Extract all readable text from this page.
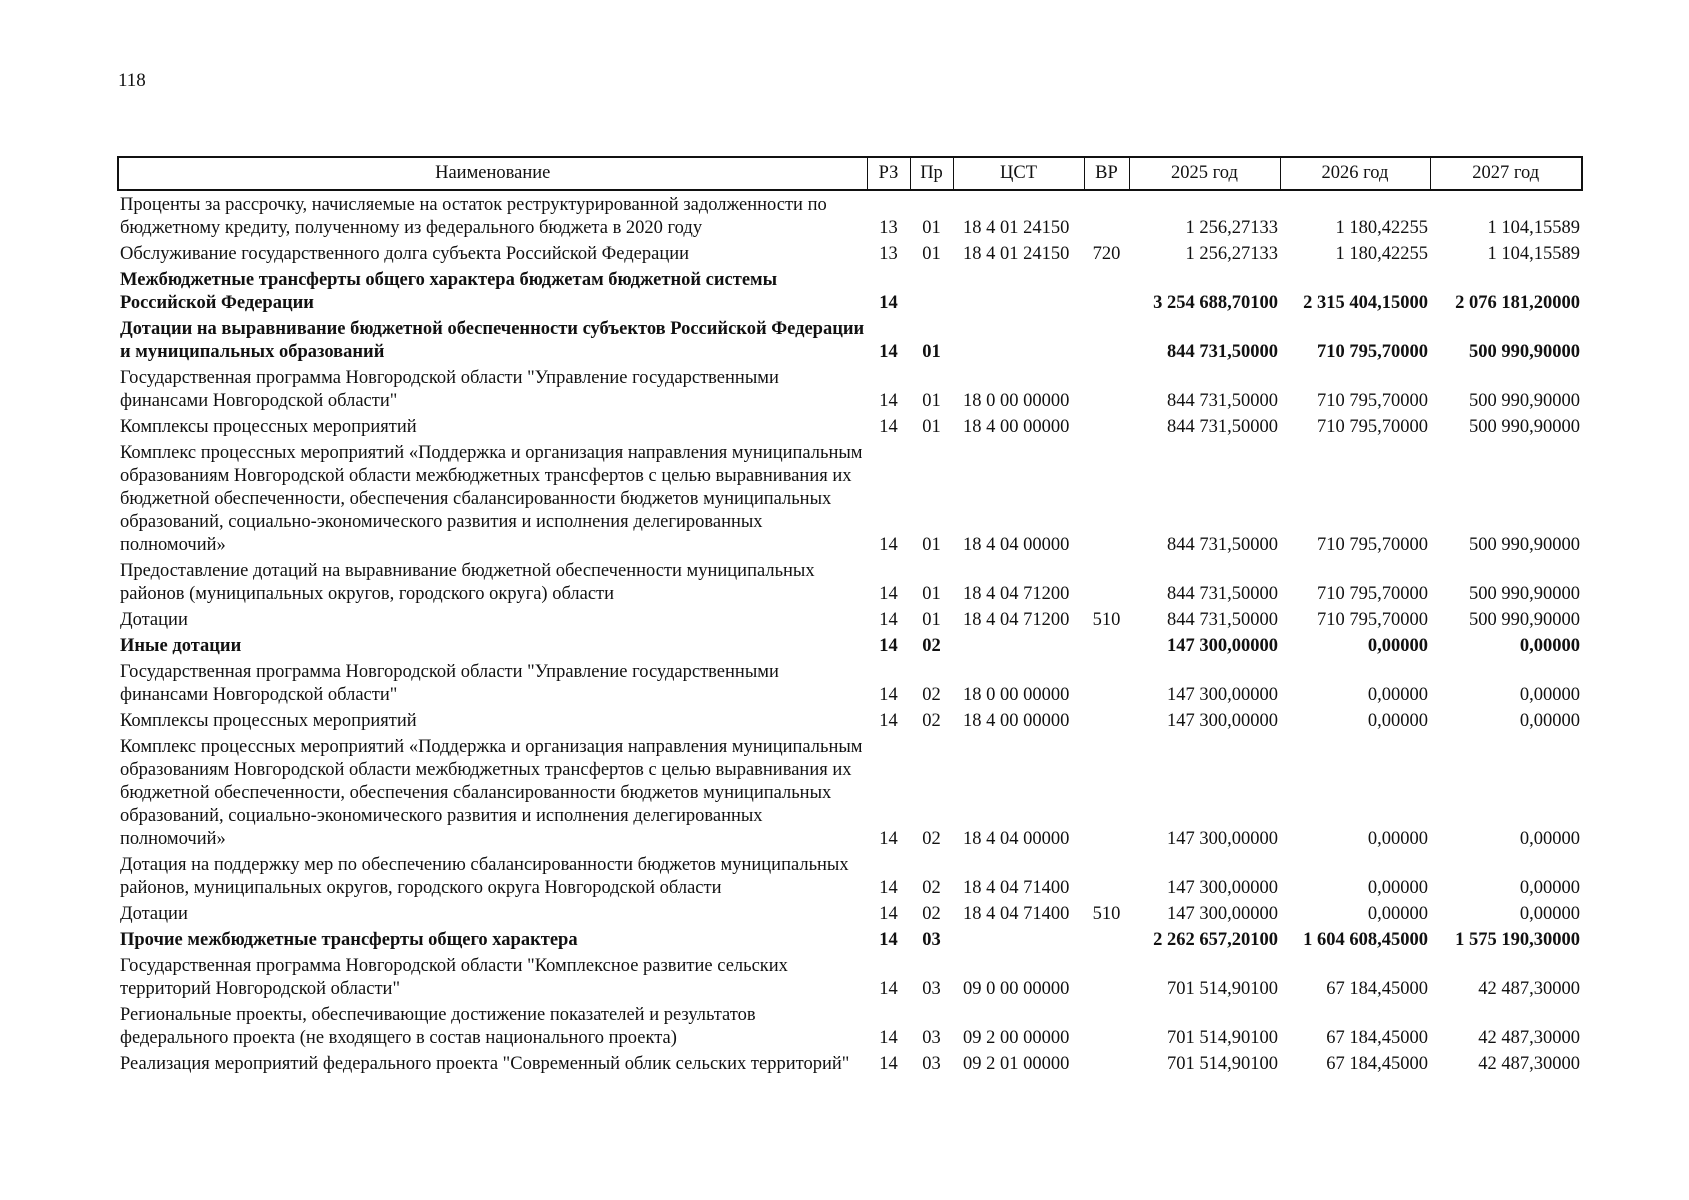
118
Наименование	РЗ	Пр	ЦСТ	ВР	2025 год	2026 год	2027 год
Проценты за рассрочку, начисляемые на остаток реструктурированной задолженности по бюджетному кредиту, полученному из федерального бюджета в 2020 году	13	01	18 4 01 24150		1 256,27133	1 180,42255	1 104,15589
Обслуживание государственного долга субъекта Российской Федерации	13	01	18 4 01 24150	720	1 256,27133	1 180,42255	1 104,15589
Межбюджетные трансферты общего характера бюджетам бюджетной системы Российской Федерации	14				3 254 688,70100	2 315 404,15000	2 076 181,20000
Дотации на выравнивание бюджетной обеспеченности субъектов Российской Федерации и муниципальных образований	14	01			844 731,50000	710 795,70000	500 990,90000
Государственная программа Новгородской области "Управление государственными финансами Новгородской области"	14	01	18 0 00 00000		844 731,50000	710 795,70000	500 990,90000
Комплексы процессных мероприятий	14	01	18 4 00 00000		844 731,50000	710 795,70000	500 990,90000
Комплекс процессных мероприятий «Поддержка и организация направления муниципальным образованиям Новгородской области межбюджетных трансфертов с целью выравнивания их бюджетной обеспеченности, обеспечения сбалансированности бюджетов муниципальных образований, социально-экономического развития и исполнения делегированных полномочий»	14	01	18 4 04 00000		844 731,50000	710 795,70000	500 990,90000
Предоставление дотаций на выравнивание бюджетной обеспеченности муниципальных районов (муниципальных округов, городского округа) области	14	01	18 4 04 71200		844 731,50000	710 795,70000	500 990,90000
Дотации	14	01	18 4 04 71200	510	844 731,50000	710 795,70000	500 990,90000
Иные дотации	14	02			147 300,00000	0,00000	0,00000
Государственная программа Новгородской области "Управление государственными финансами Новгородской области"	14	02	18 0 00 00000		147 300,00000	0,00000	0,00000
Комплексы процессных мероприятий	14	02	18 4 00 00000		147 300,00000	0,00000	0,00000
Комплекс процессных мероприятий «Поддержка и организация направления муниципальным образованиям Новгородской области межбюджетных трансфертов с целью выравнивания их бюджетной обеспеченности, обеспечения сбалансированности бюджетов муниципальных образований, социально-экономического развития и исполнения делегированных полномочий»	14	02	18 4 04 00000		147 300,00000	0,00000	0,00000
Дотация на поддержку мер по обеспечению сбалансированности бюджетов муниципальных районов, муниципальных округов, городского округа Новгородской области	14	02	18 4 04 71400		147 300,00000	0,00000	0,00000
Дотации	14	02	18 4 04 71400	510	147 300,00000	0,00000	0,00000
Прочие межбюджетные трансферты общего характера	14	03			2 262 657,20100	1 604 608,45000	1 575 190,30000
Государственная программа Новгородской области "Комплексное развитие сельских территорий Новгородской области"	14	03	09 0 00 00000		701 514,90100	67 184,45000	42 487,30000
Региональные проекты, обеспечивающие достижение показателей и результатов федерального проекта (не входящего в состав национального проекта)	14	03	09 2 00 00000		701 514,90100	67 184,45000	42 487,30000
Реализация мероприятий федерального проекта "Современный облик сельских территорий"	14	03	09 2 01 00000		701 514,90100	67 184,45000	42 487,30000
